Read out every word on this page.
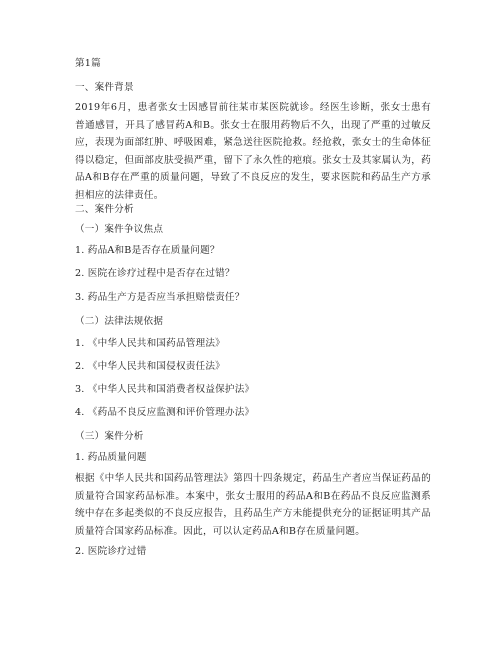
第1篇
一、案件背景
2019年6月，患者张女士因感冒前往某市某医院就诊。经医生诊断，张女士患有普通感冒，开具了感冒药A和B。张女士在服用药物后不久，出现了严重的过敏反应，表现为面部红肿、呼吸困难，紧急送往医院抢救。经抢救，张女士的生命体征得以稳定，但面部皮肤受损严重，留下了永久性的疤痕。张女士及其家属认为，药品A和B存在严重的质量问题，导致了不良反应的发生，要求医院和药品生产方承担相应的法律责任。
二、案件分析
（一）案件争议焦点
1. 药品A和B是否存在质量问题？
2. 医院在诊疗过程中是否存在过错？
3. 药品生产方是否应当承担赔偿责任？
（二）法律法规依据
1. 《中华人民共和国药品管理法》
2. 《中华人民共和国侵权责任法》
3. 《中华人民共和国消费者权益保护法》
4. 《药品不良反应监测和评价管理办法》
（三）案件分析
1. 药品质量问题
根据《中华人民共和国药品管理法》第四十四条规定，药品生产者应当保证药品的质量符合国家药品标准。本案中，张女士服用的药品A和B在药品不良反应监测系统中存在多起类似的不良反应报告，且药品生产方未能提供充分的证据证明其产品质量符合国家药品标准。因此，可以认定药品A和B存在质量问题。
2. 医院诊疗过错
